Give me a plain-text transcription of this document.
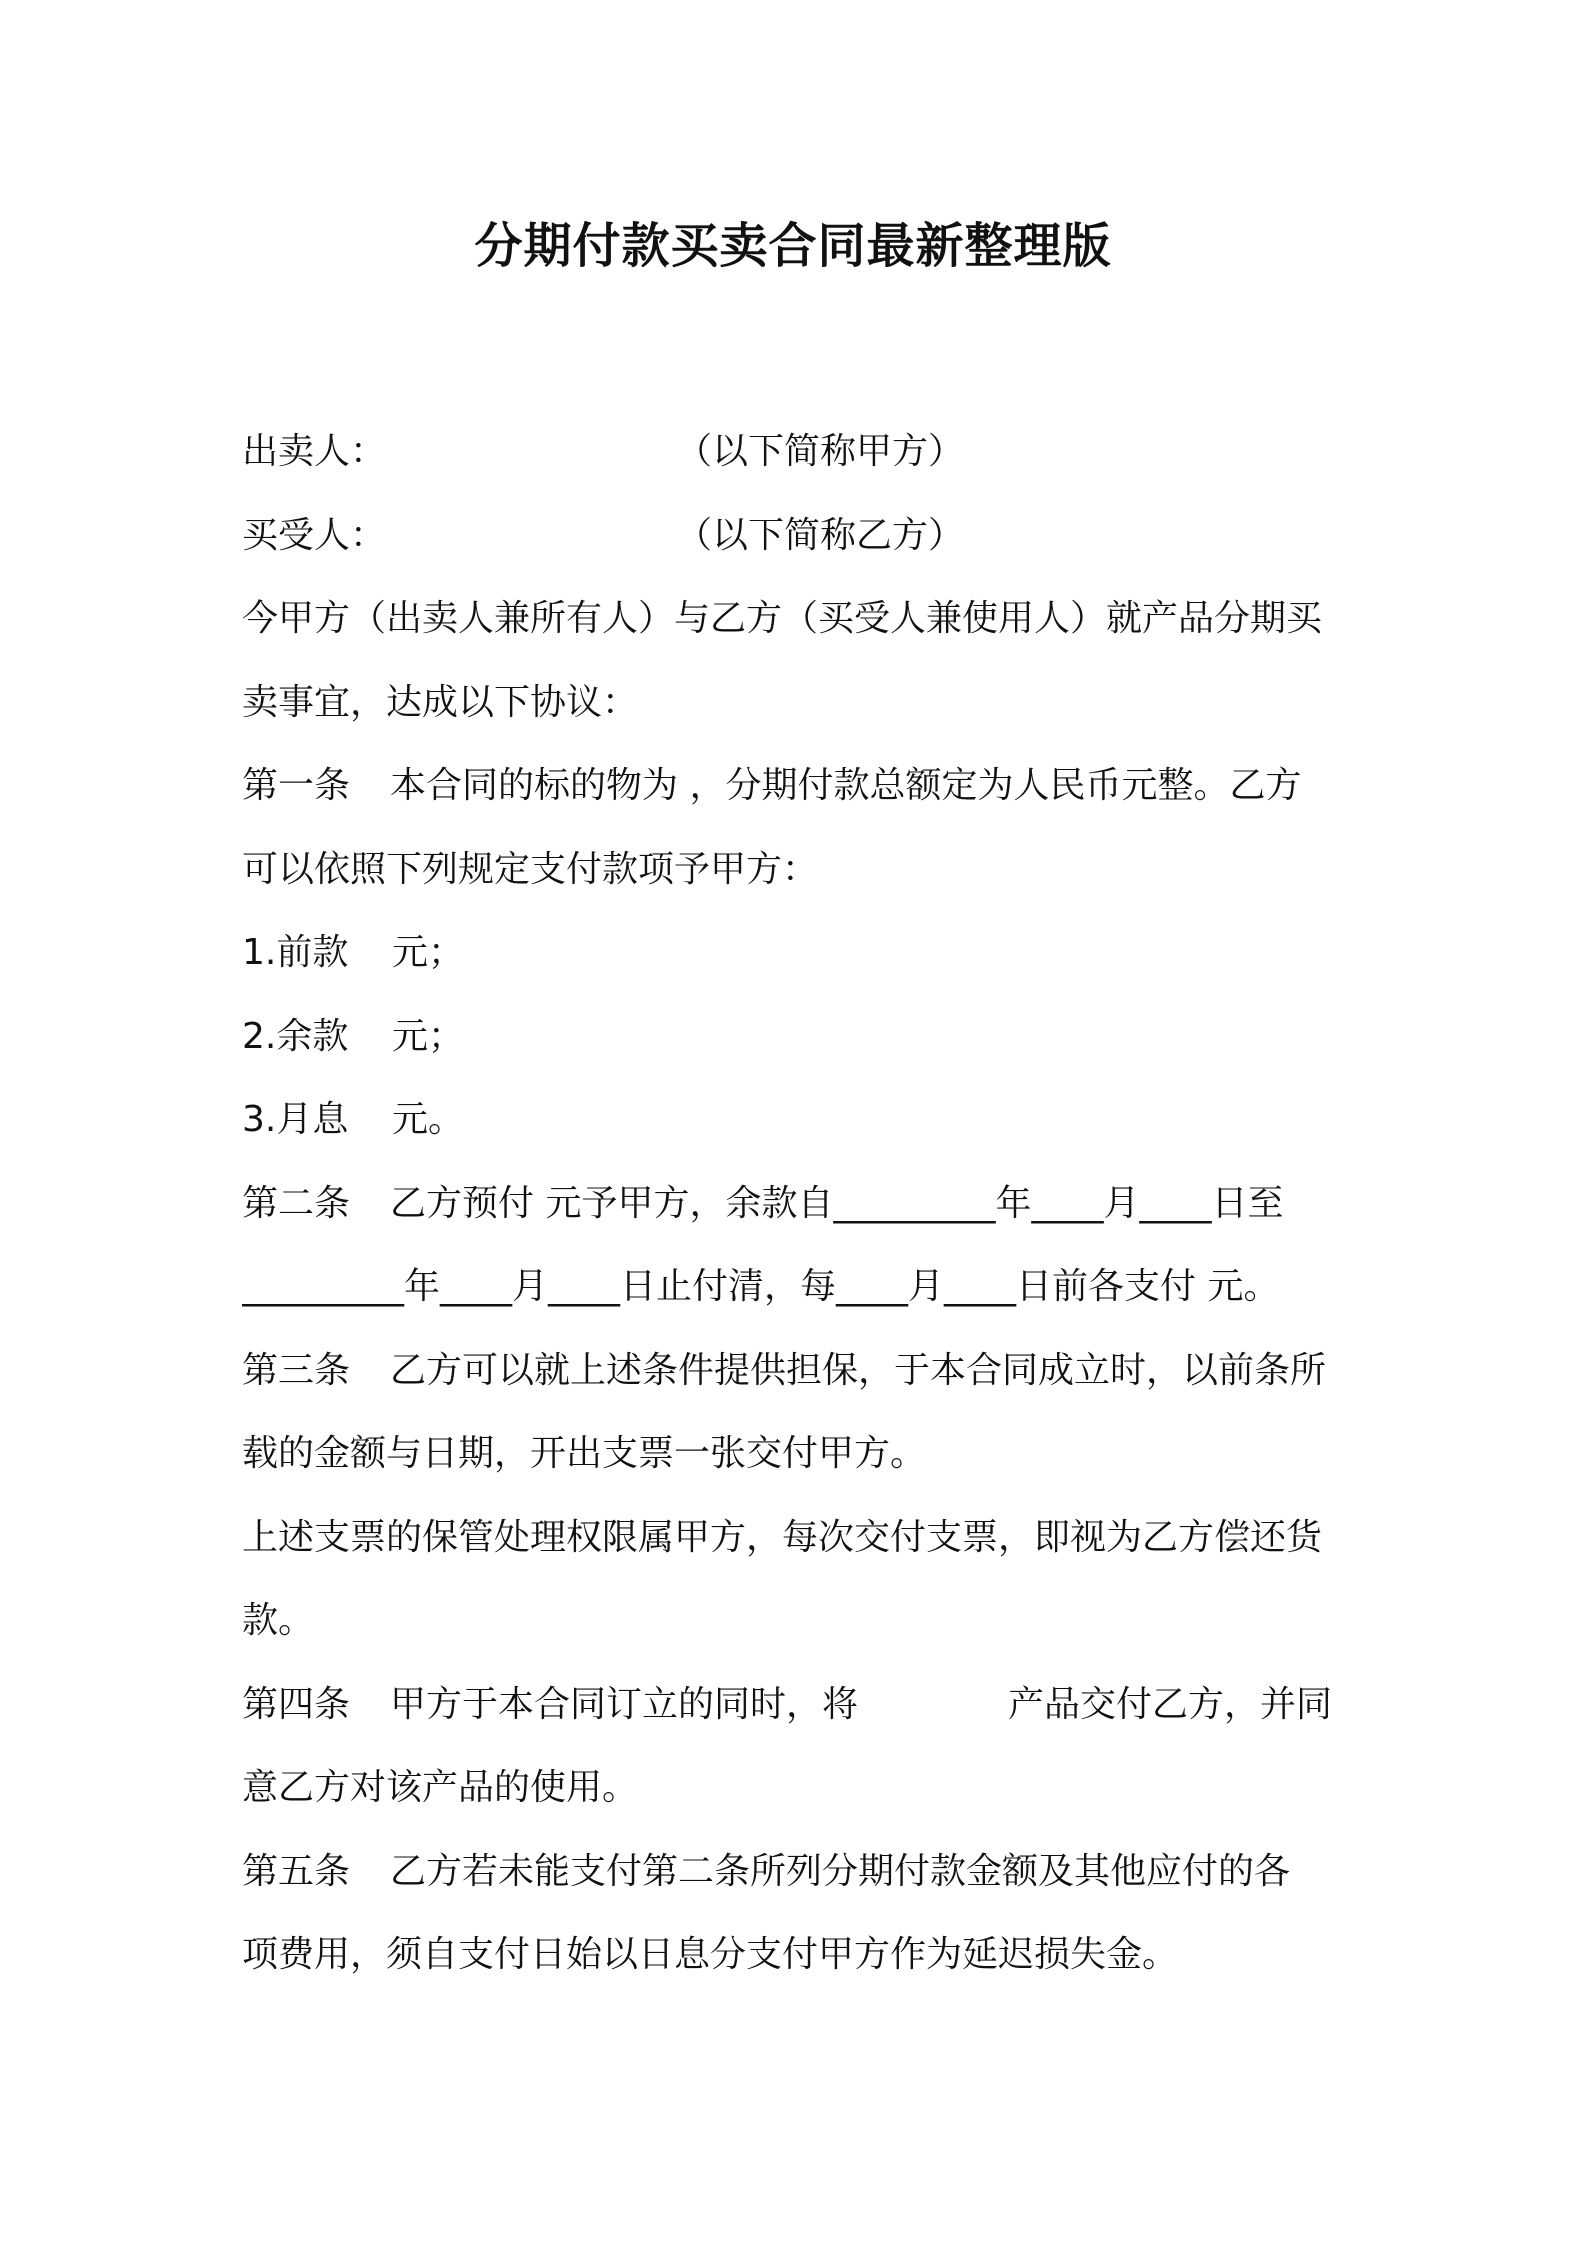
分期付款买卖合同最新整理版
出卖人：	（以下简称甲方）
买受人：	（以下简称乙方）
今甲方（出卖人兼所有人）与乙方（买受人兼使用人）就产品分期买
卖事宜，达成以下协议：
第一条 本合同的标的物为 ，分期付款总额定为人民币元整。乙方
可以依照下列规定支付款项予甲方：
1.前款 元；
2.余款 元；
3.月息 元。
第二条 乙方预付 元予甲方，余款自_________年____月____日至
_________年____月____日止付清，每____月____日前各支付 元。
第三条 乙方可以就上述条件提供担保，于本合同成立时，以前条所
载的金额与日期，开出支票一张交付甲方。
上述支票的保管处理权限属甲方，每次交付支票，即视为乙方偿还货
款。
第四条 甲方于本合同订立的同时，将	产品交付乙方，并同
意乙方对该产品的使用。
第五条 乙方若未能支付第二条所列分期付款金额及其他应付的各
项费用，须自支付日始以日息分支付甲方作为延迟损失金。
